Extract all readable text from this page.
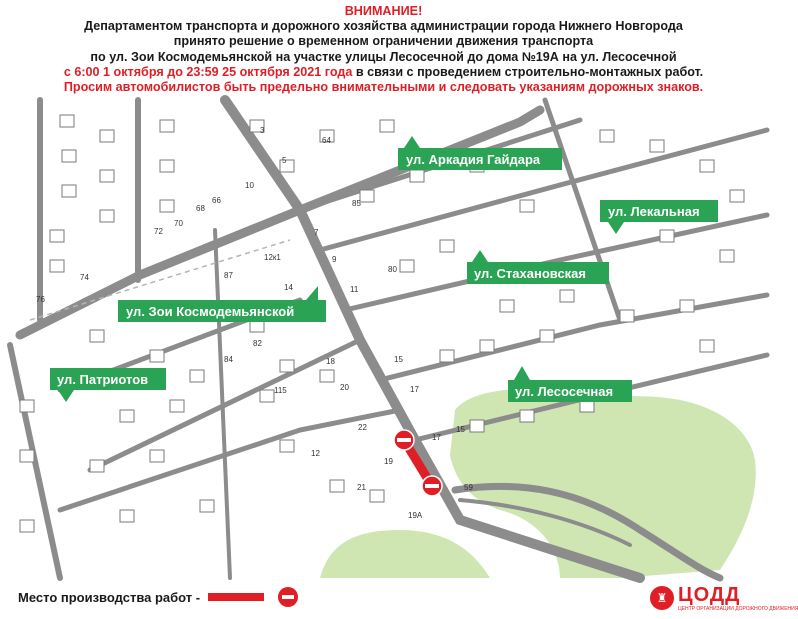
ВНИМАНИЕ!
Департаментом транспорта и дорожного хозяйства администрации города Нижнего Новгорода
принято решение о временном ограничении движения транспорта
по ул. Зои Космодемьянской на участке улицы Лесосечной до дома №19А на ул. Лесосечной
с 6:00 1 октября до 23:59 25 октября 2021 года в связи с проведением строительно-монтажных работ.
Просим автомобилистов быть предельно внимательными и следовать указаниям дорожных знаков.
3
5
64
66
68
70
72
74
76
10
85
7
9
11
80
87
12к1
14
82
84	18
20
22
15
17
115
12
17
15
19
21
19А
59
ул. Аркадия Гайдара
ул. Лекальная
ул. Стахановская
ул. Зои Космодемьянской
ул. Патриотов
ул. Лесосечная
Место производства работ -	♜ ЦОДД
ЦЕНТР ОРГАНИЗАЦИИ ДОРОЖНОГО ДВИЖЕНИЯ
